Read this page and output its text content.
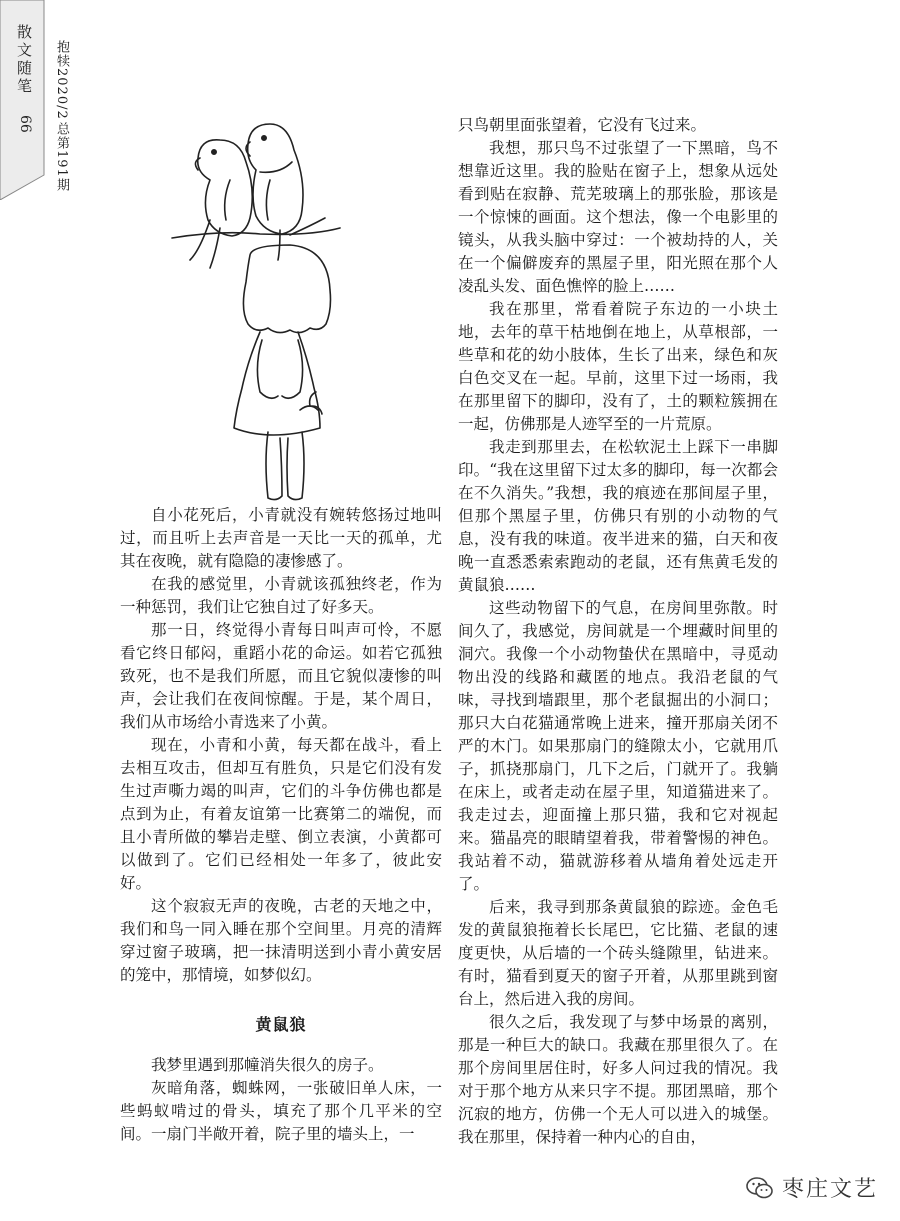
散文随笔
66
抱犊2020/2
总第191期

自小花死后，小青就没有婉转悠扬过地叫过，而且听上去声音是一天比一天的孤单，尤其在夜晚，就有隐隐的凄惨感了。

在我的感觉里，小青就该孤独终老，作为一种惩罚，我们让它独自过了好多天。

那一日，终觉得小青每日叫声可怜，不愿看它终日郁闷，重蹈小花的命运。如若它孤独致死，也不是我们所愿，而且它貌似凄惨的叫声，会让我们在夜间惊醒。于是，某个周日，我们从市场给小青选来了小黄。

现在，小青和小黄，每天都在战斗，看上去相互攻击，但却互有胜负，只是它们没有发生过声嘶力竭的叫声，它们的斗争仿佛也都是点到为止，有着友谊第一比赛第二的端倪，而且小青所做的攀岩走壁、倒立表演，小黄都可以做到了。它们已经相处一年多了，彼此安好。

这个寂寂无声的夜晚，古老的天地之中，我们和鸟一同入睡在那个空间里。月亮的清辉穿过窗子玻璃，把一抹清明送到小青小黄安居的笼中，那情境，如梦似幻。

黄鼠狼

我梦里遇到那幢消失很久的房子。

灰暗角落，蜘蛛网，一张破旧单人床，一些蚂蚁啃过的骨头，填充了那个几平米的空间。一扇门半敞开着，院子里的墙头上，一

只鸟朝里面张望着，它没有飞过来。

我想，那只鸟不过张望了一下黑暗，鸟不想靠近这里。我的脸贴在窗子上，想象从远处看到贴在寂静、荒芜玻璃上的那张脸，那该是一个惊悚的画面。这个想法，像一个电影里的镜头，从我头脑中穿过：一个被劫持的人，关在一个偏僻废弃的黑屋子里，阳光照在那个人凌乱头发、面色憔悴的脸上……

我在那里，常看着院子东边的一小块土地，去年的草干枯地倒在地上，从草根部，一些草和花的幼小肢体，生长了出来，绿色和灰白色交叉在一起。早前，这里下过一场雨，我在那里留下的脚印，没有了，土的颗粒簇拥在一起，仿佛那是人迹罕至的一片荒原。

我走到那里去，在松软泥土上踩下一串脚印。“我在这里留下过太多的脚印，每一次都会在不久消失。”我想，我的痕迹在那间屋子里，但那个黑屋子里，仿佛只有别的小动物的气息，没有我的味道。夜半进来的猫，白天和夜晚一直悉悉索索跑动的老鼠，还有焦黄毛发的黄鼠狼……

这些动物留下的气息，在房间里弥散。时间久了，我感觉，房间就是一个埋藏时间里的洞穴。我像一个小动物蛰伏在黑暗中，寻觅动物出没的线路和藏匿的地点。我沿老鼠的气味，寻找到墙跟里，那个老鼠掘出的小洞口；那只大白花猫通常晚上进来，撞开那扇关闭不严的木门。如果那扇门的缝隙太小，它就用爪子，抓挠那扇门，几下之后，门就开了。我躺在床上，或者走动在屋子里，知道猫进来了。我走过去，迎面撞上那只猫，我和它对视起来。猫晶亮的眼睛望着我，带着警惕的神色。我站着不动，猫就游移着从墙角着处远走开了。

后来，我寻到那条黄鼠狼的踪迹。金色毛发的黄鼠狼拖着长长尾巴，它比猫、老鼠的速度更快，从后墙的一个砖头缝隙里，钻进来。有时，猫看到夏天的窗子开着，从那里跳到窗台上，然后进入我的房间。

很久之后，我发现了与梦中场景的离别，那是一种巨大的缺口。我藏在那里很久了。在那个房间里居住时，好多人问过我的情况。我对于那个地方从来只字不提。那团黑暗，那个沉寂的地方，仿佛一个无人可以进入的城堡。我在那里，保持着一种内心的自由，

枣庄文艺
